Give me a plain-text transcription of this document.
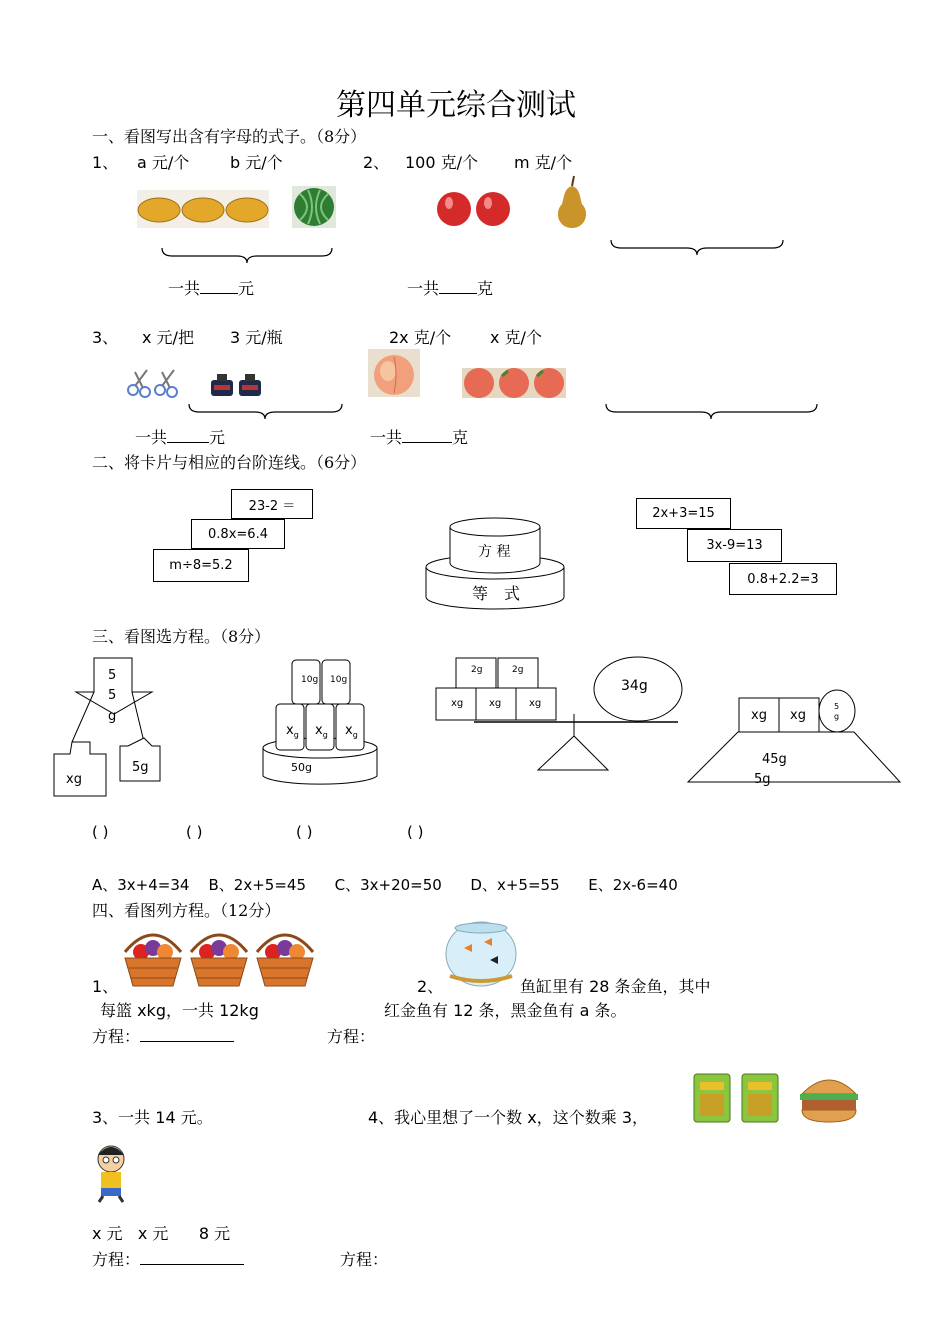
第四单元综合测试
一、看图写出含有字母的式子。（8分）
1、 a 元/个	b 元/个	2、 100 克/个 m 克/个
一共 元	一共 克
3、 x 元/把 3 元/瓶	2x 克/个 x 克/个
一共	元	一共	克
二、将卡片与相应的台阶连线。（6分）
23-2 ＝
0.8x=6.4
m÷8=5.2
方 程
等　式
2x+3=15
3x-9=13
0.8+2.2=3
三、看图选方程。（8分）
5
5
g
xg
5g
10g 10g
$x_g$ $x_g$ $x_g$
50g
2g	2g
xg	xg	xg
34g
xg xg
5
g
45g
5g
( )	( )	( )	( )
A、3x+4=34    B、2x+5=45      C、3x+20=50      D、x+5=55      E、2x-6=40
四、看图列方程。（12分）
1、	2、	鱼缸里有 28 条金鱼，其中
每篮 xkg，一共 12kg	红金鱼有 12 条，黑金鱼有 a 条。
方程：	方程：
3、一共 14 元。	4、我心里想了一个数 x，这个数乘 3，
x 元   x 元      8 元
方程：	方程：
